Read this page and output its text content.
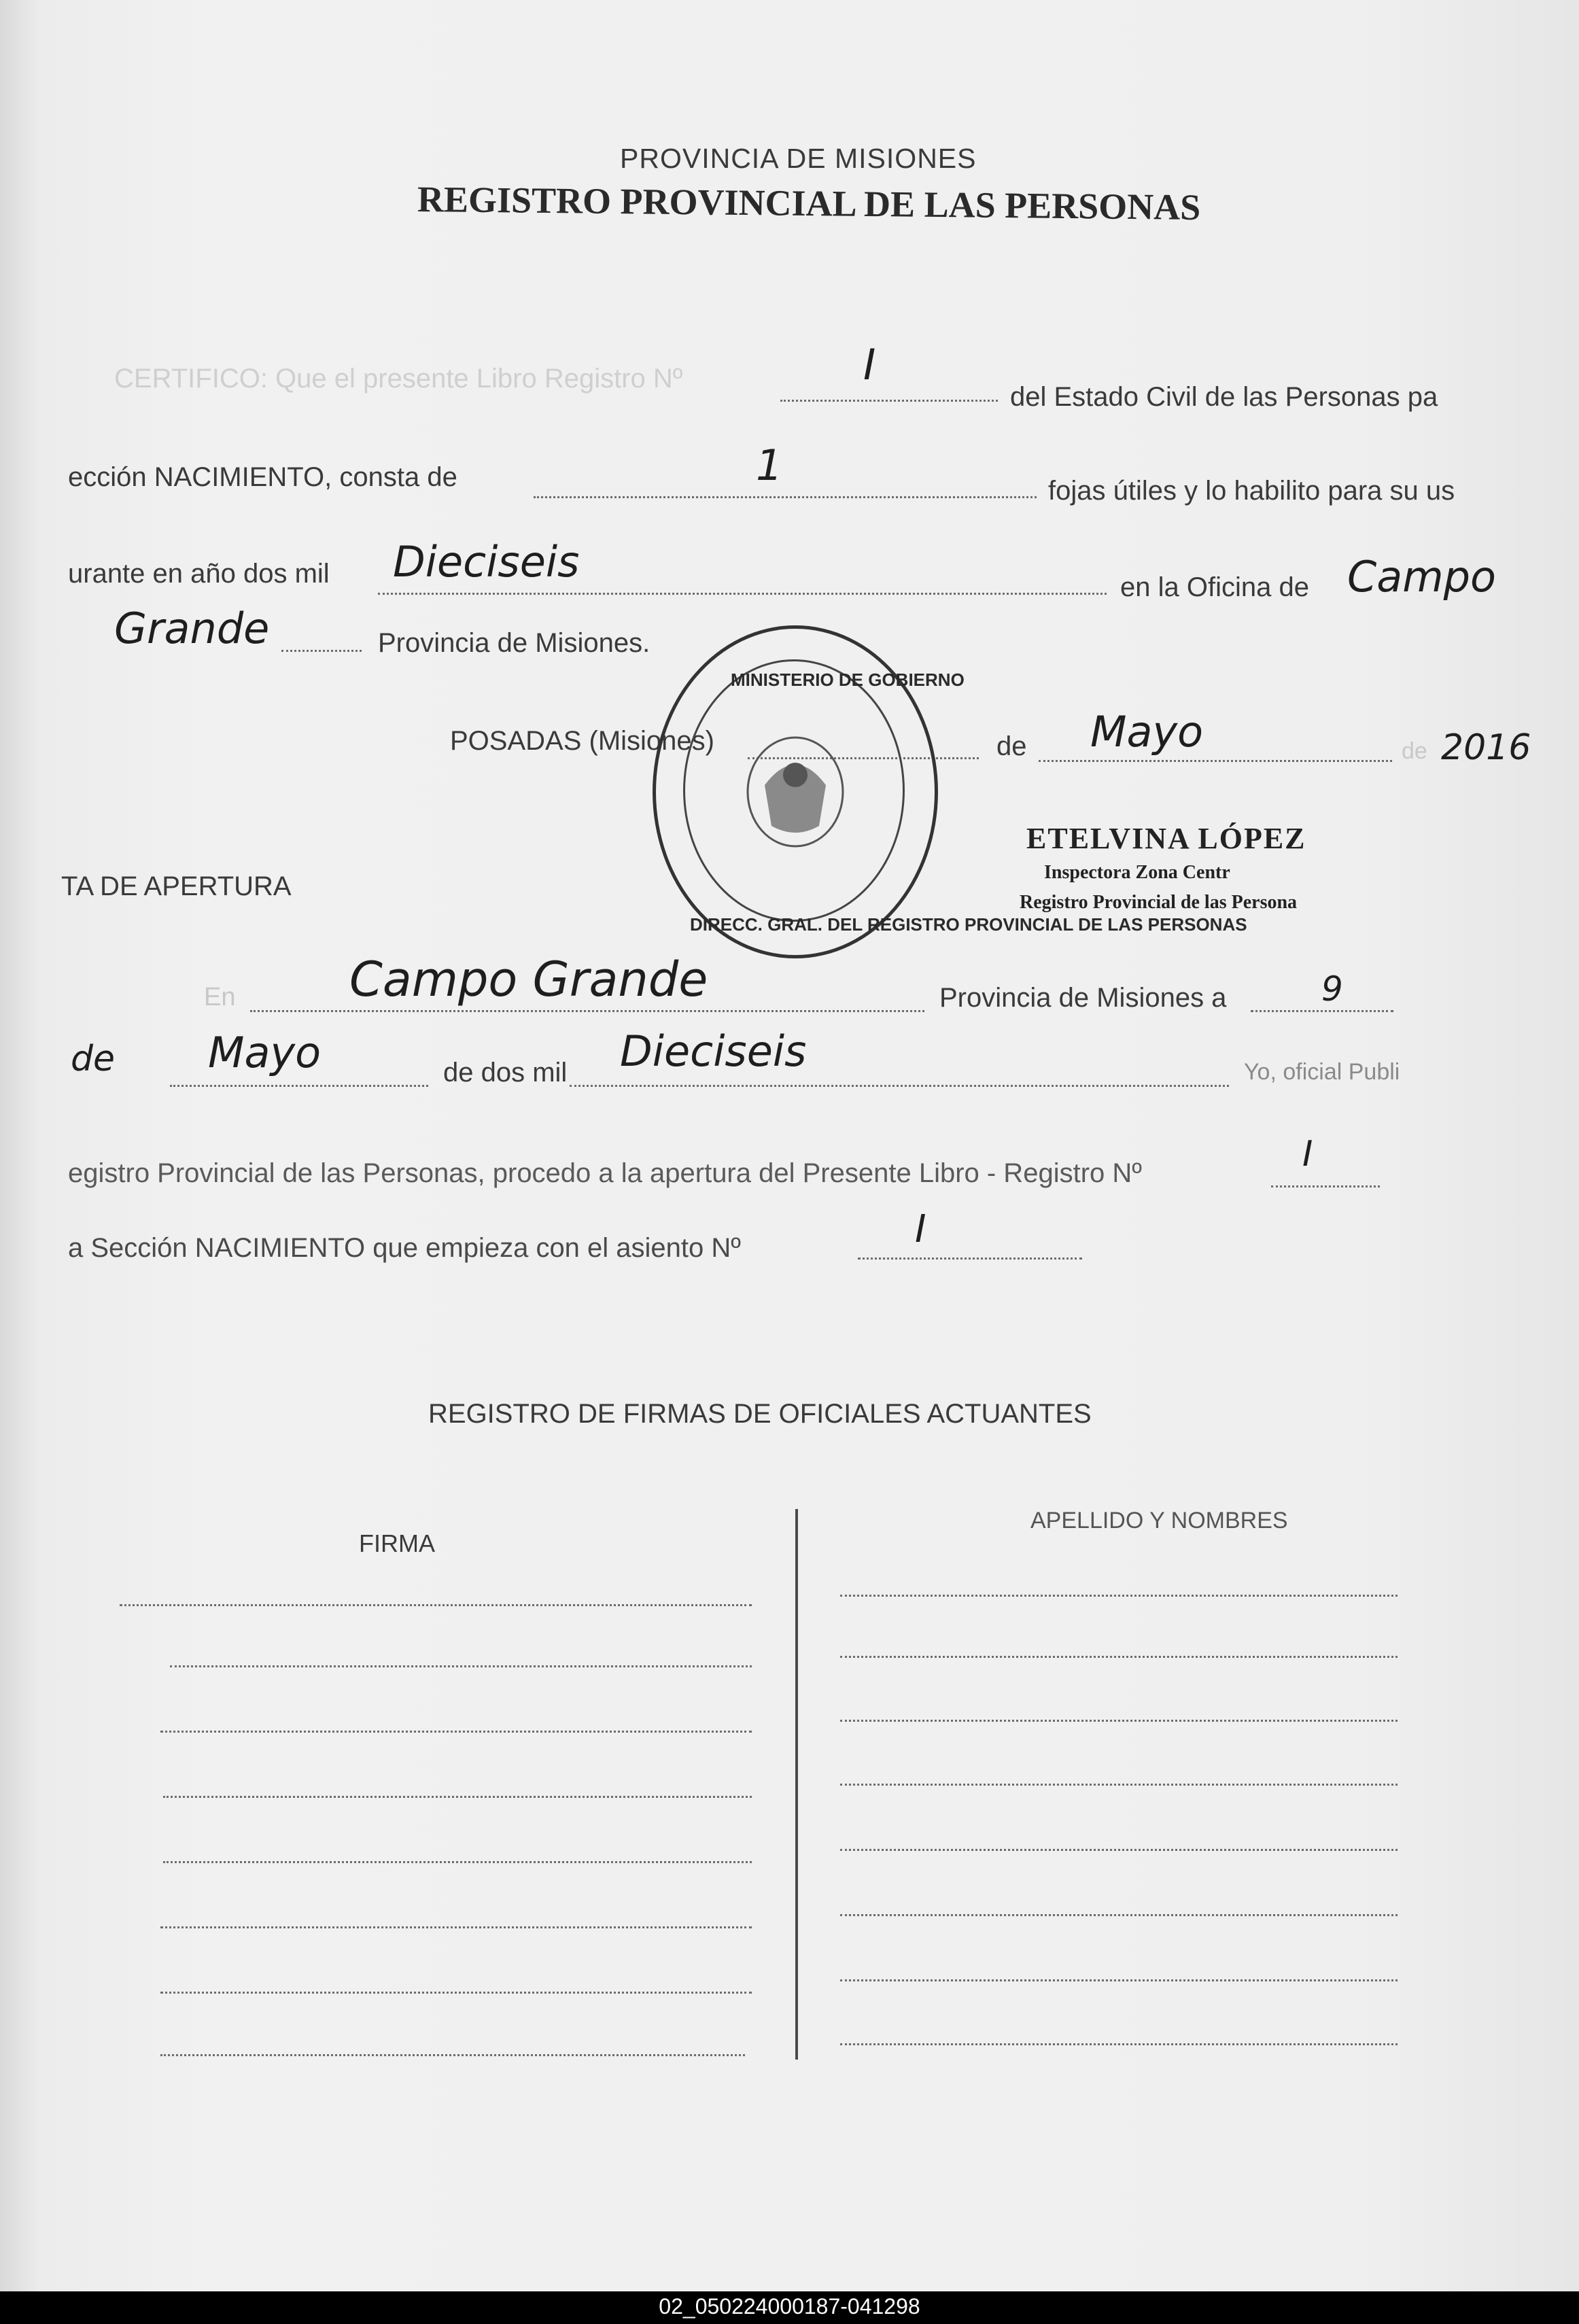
PROVINCIA DE MISIONES
REGISTRO PROVINCIAL DE LAS PERSONAS
CERTIFICO: Que el presente Libro Registro Nº	I
del Estado Civil de las Personas pa
ección NACIMIENTO, consta de	1
fojas útiles y lo habilito para su us
urante en año dos mil Dieciseis
en la Oficina de Campo
Grande	Provincia de Misiones.
POSADAS (Misiones)	de Mayo	de 2016
DIRECC. GRAL. DEL REGISTRO PROVINCIAL DE LAS PERSONAS
MINISTERIO DE GOBIERNO
ETELVINA LÓPEZ
Inspectora Zona Centr
Registro Provincial de las Persona
TA DE APERTURA
En Campo Grande	Provincia de Misiones a	9
de Mayo	de dos mil Dieciseis	Yo, oficial Publi
egistro Provincial de las Personas, procedo a la apertura del Presente Libro - Registro Nº	I
a Sección NACIMIENTO que empieza con el asiento Nº	I
REGISTRO DE FIRMAS DE OFICIALES ACTUANTES
FIRMA
APELLIDO Y NOMBRES
02_050224000187-041298
